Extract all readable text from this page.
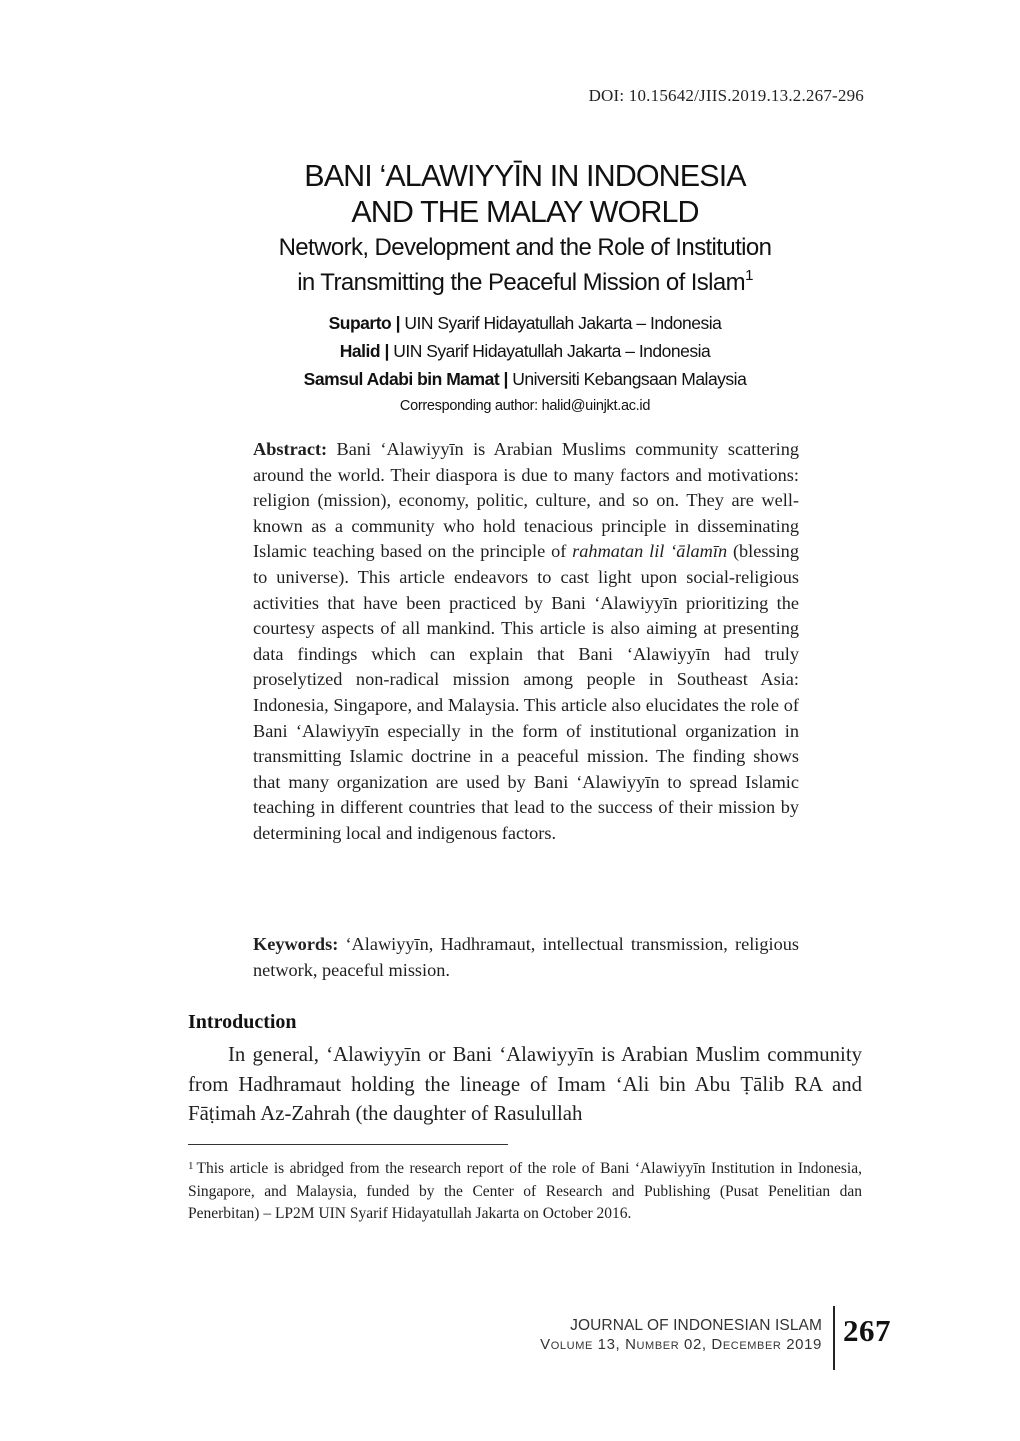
DOI: 10.15642/JIIS.2019.13.2.267-296
BANI ‘ALAWIYYĪN IN INDONESIA
AND THE MALAY WORLD
Network, Development and the Role of Institution
in Transmitting the Peaceful Mission of Islam$^1$
Suparto | UIN Syarif Hidayatullah Jakarta – Indonesia
Halid | UIN Syarif Hidayatullah Jakarta – Indonesia
Samsul Adabi bin Mamat | Universiti Kebangsaan Malaysia
Corresponding author: halid@uinjkt.ac.id

Abstract: Bani ‘Alawiyyīn is Arabian Muslims community scattering around the world. Their diaspora is due to many factors and motivations: religion (mission), economy, politic, culture, and so on. They are well-known as a community who hold tenacious principle in disseminating Islamic teaching based on the principle of rahmatan lil ‘ālamīn (blessing to universe). This article endeavors to cast light upon social-religious activities that have been practiced by Bani ‘Alawiyyīn prioritizing the courtesy aspects of all mankind. This article is also aiming at presenting data findings which can explain that Bani ‘Alawiyyīn had truly proselytized non-radical mission among people in Southeast Asia: Indonesia, Singapore, and Malaysia. This article also elucidates the role of Bani ‘Alawiyyīn especially in the form of institutional organization in transmitting Islamic doctrine in a peaceful mission. The finding shows that many organization are used by Bani ‘Alawiyyīn to spread Islamic teaching in different countries that lead to the success of their mission by determining local and indigenous factors.

Keywords: ‘Alawiyyīn, Hadhramaut, intellectual transmission, religious network, peaceful mission.

Introduction

In general, ‘Alawiyyīn or Bani ‘Alawiyyīn is Arabian Muslim community from Hadhramaut holding the lineage of Imam ‘Ali bin Abu Ṭālib RA and Fāṭimah Az-Zahrah (the daughter of Rasulullah

$^1$ This article is abridged from the research report of the role of Bani ‘Alawiyyīn Institution in Indonesia, Singapore, and Malaysia, funded by the Center of Research and Publishing (Pusat Penelitian dan Penerbitan) – LP2M UIN Syarif Hidayatullah Jakarta on October 2016.

JOURNAL OF INDONESIAN ISLAM
Volume 13, Number 02, December 2019 267
